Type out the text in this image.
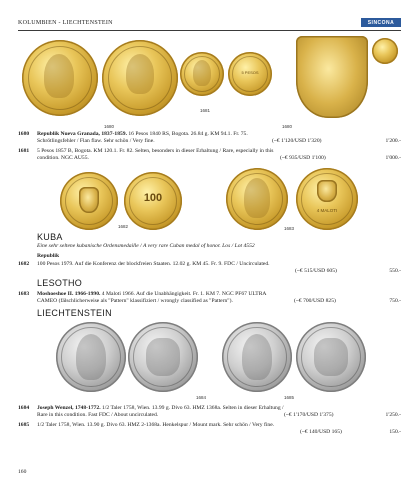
KOLUMBIEN - LIECHTENSTEIN	SINCONA
5 PESOS
1680
1681
1680
1680 Republik Nueva Granada, 1837-1859. 16 Pesos 1840 RS, Bogota. 26.84 g. KM 94.1. Fr. 75.
Schrötlingsfehler / Flan flaw. Sehr schön / Very fine.	(~€ 1'120/USD 1'320)	1'200.-
1681 5 Pesos 1857 B, Bogota. KM 120.1. Fr. 82. Selten, besonders in dieser Erhaltung / Rare, especially in this
condition. NGC AU55.	(~€ 935/USD 1'100)	1'000.-
100
4 MALOTI
1682	1683
KUBA
Eine sehr seltene kubanische Ordensmedaille / A very rare Cuban medal of honor. Los / Lot 4552
Republik
1682 100 Pesos 1979. Auf die Konferenz der blockfreien Staaten. 12.02 g. KM 45. Fr. 9. FDC / Uncirculated.
(~€ 515/USD 605)	550.-
LESOTHO
1683 Moshoeshoe II. 1966-1990. 4 Maloti 1966. Auf die Unabhängigkeit. Fr. 1. KM 7. NGC PF67 ULTRA
CAMEO (fälschlicherweise als "Pattern" klassifiziert / wrongly classified as "Pattern").	(~€ 700/USD 825)	750.-
LIECHTENSTEIN
1684	1685
1684 Joseph Wenzel, 1748-1772. 1/2 Taler 1758, Wien. 13.99 g. Divo 63. HMZ 1368a. Selten in dieser Erhaltung /
Rare in this condition. Fast FDC / About uncirculated.	(~€ 1'170/USD 1'375)	1'250.-
1685 1/2 Taler 1758, Wien. 13.90 g. Divo 63. HMZ 2-1368a. Henkelspur / Mount mark. Sehr schön / Very fine.
(~€ 140/USD 165)	150.-
160
